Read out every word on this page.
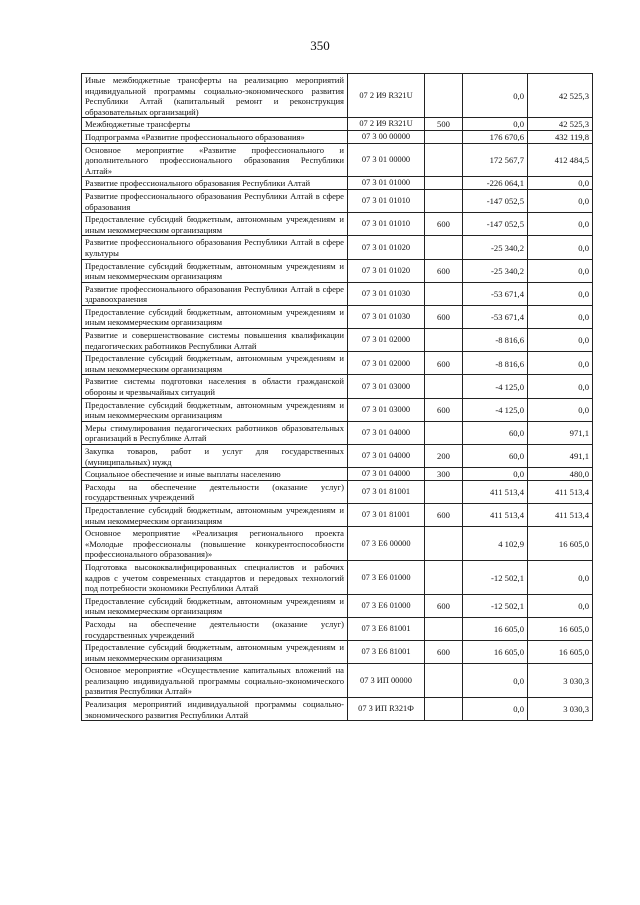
350
Иные межбюджетные трансферты на реализацию мероприятий индивидуальной программы социально-экономического развития Республики Алтай (капитальный ремонт и реконструкция образовательных организаций)	07 2 И9 R321U		0,0	42 525,3
Межбюджетные трансферты	07 2 И9 R321U	500	0,0	42 525,3
Подпрограмма «Развитие профессионального образования»	07 3 00 00000		176 670,6	432 119,8
Основное мероприятие «Развитие профессионального и дополнительного профессионального образования Республики Алтай»	07 3 01 00000		172 567,7	412 484,5
Развитие профессионального образования Республики Алтай	07 3 01 01000		-226 064,1	0,0
Развитие профессионального образования Республики Алтай в сфере образования	07 3 01 01010		-147 052,5	0,0
Предоставление субсидий бюджетным, автономным учреждениям и иным некоммерческим организациям	07 3 01 01010	600	-147 052,5	0,0
Развитие профессионального образования Республики Алтай в сфере культуры	07 3 01 01020		-25 340,2	0,0
Предоставление субсидий бюджетным, автономным учреждениям и иным некоммерческим организациям	07 3 01 01020	600	-25 340,2	0,0
Развитие профессионального образования Республики Алтай в сфере здравоохранения	07 3 01 01030		-53 671,4	0,0
Предоставление субсидий бюджетным, автономным учреждениям и иным некоммерческим организациям	07 3 01 01030	600	-53 671,4	0,0
Развитие и совершенствование системы повышения квалификации педагогических работников Республики Алтай	07 3 01 02000		-8 816,6	0,0
Предоставление субсидий бюджетным, автономным учреждениям и иным некоммерческим организациям	07 3 01 02000	600	-8 816,6	0,0
Развитие системы подготовки населения в области гражданской обороны и чрезвычайных ситуаций	07 3 01 03000		-4 125,0	0,0
Предоставление субсидий бюджетным, автономным учреждениям и иным некоммерческим организациям	07 3 01 03000	600	-4 125,0	0,0
Меры стимулирования педагогических работников образовательных организаций в Республике Алтай	07 3 01 04000		60,0	971,1
Закупка товаров, работ и услуг для государственных (муниципальных) нужд	07 3 01 04000	200	60,0	491,1
Социальное обеспечение и иные выплаты населению	07 3 01 04000	300	0,0	480,0
Расходы на обеспечение деятельности (оказание услуг) государственных учреждений	07 3 01 81001		411 513,4	411 513,4
Предоставление субсидий бюджетным, автономным учреждениям и иным некоммерческим организациям	07 3 01 81001	600	411 513,4	411 513,4
Основное мероприятие «Реализация регионального проекта «Молодые профессионалы (повышение конкурентоспособности профессионального образования)»	07 3 E6 00000		4 102,9	16 605,0
Подготовка высококвалифицированных специалистов и рабочих кадров с учетом современных стандартов и передовых технологий под потребности экономики Республики Алтай	07 3 E6 01000		-12 502,1	0,0
Предоставление субсидий бюджетным, автономным учреждениям и иным некоммерческим организациям	07 3 E6 01000	600	-12 502,1	0,0
Расходы на обеспечение деятельности (оказание услуг) государственных учреждений	07 3 E6 81001		16 605,0	16 605,0
Предоставление субсидий бюджетным, автономным учреждениям и иным некоммерческим организациям	07 3 E6 81001	600	16 605,0	16 605,0
Основное мероприятие «Осуществление капитальных вложений на реализацию индивидуальной программы социально-экономического развития Республики Алтай»	07 3 ИП 00000		0,0	3 030,3
Реализация мероприятий индивидуальной программы социально-экономического развития Республики Алтай	07 3 ИП R321Ф		0,0	3 030,3
